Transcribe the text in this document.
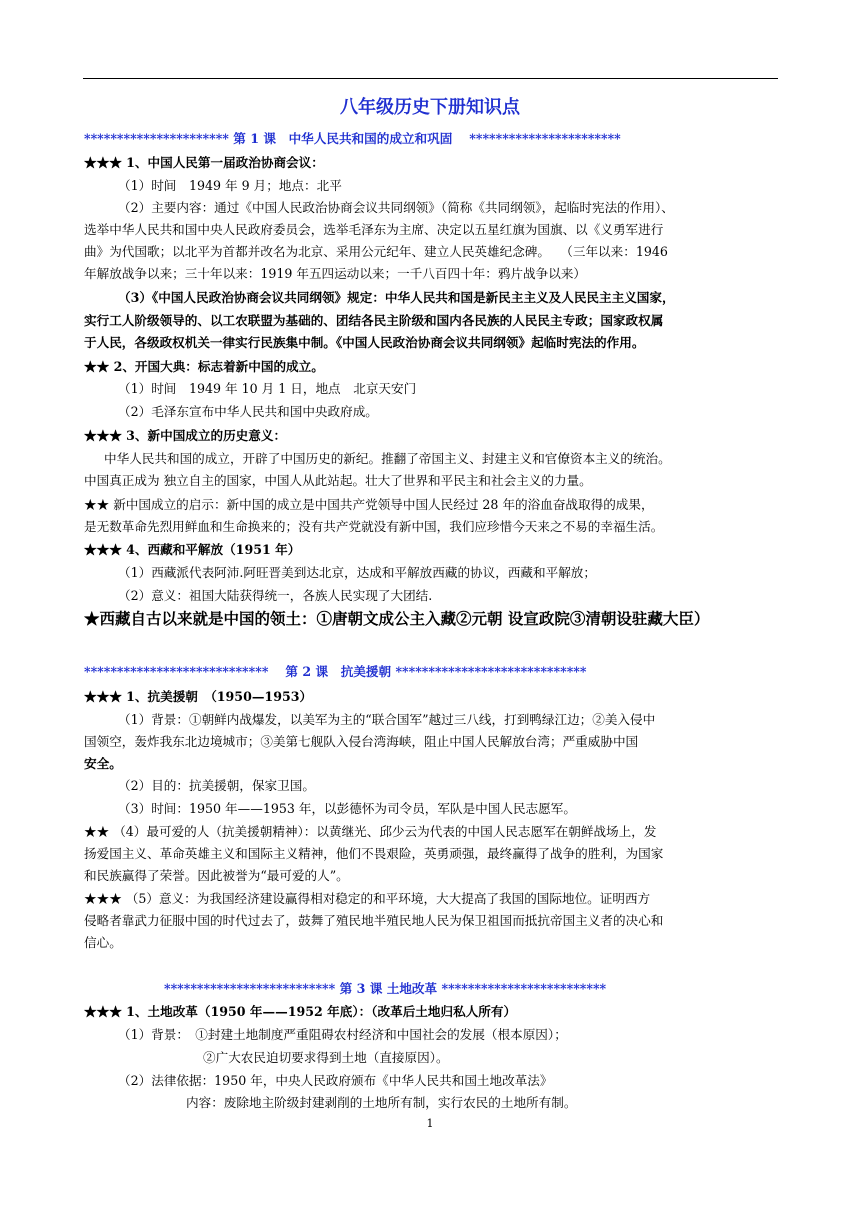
八年级历史下册知识点
********************** 第 1 课　中华人民共和国的成立和巩固　 ***********************
★★★ 1、中国人民第一届政治协商会议：
（1）时间　1949 年 9 月；地点：北平
（2）主要内容：通过《中国人民政治协商会议共同纲领》（简称《共同纲领》，起临时宪法的作用）、
选举中华人民共和国中央人民政府委员会，选举毛泽东为主席、决定以五星红旗为国旗、以《义勇军进行
曲》为代国歌；以北平为首都并改名为北京、采用公元纪年、建立人民英雄纪念碑。　 （三年以来：1946
年解放战争以来；三十年以来：1919 年五四运动以来；一千八百四十年：鸦片战争以来）
（3）《中国人民政治协商会议共同纲领》规定：中华人民共和国是新民主主义及人民民主主义国家，
实行工人阶级领导的、以工农联盟为基础的、团结各民主阶级和国内各民族的人民民主专政；国家政权属
于人民，各级政权机关一律实行民族集中制。《中国人民政治协商会议共同纲领》起临时宪法的作用。
★★ 2、开国大典：标志着新中国的成立。
（1）时间　1949 年 10 月 1 日，地点　北京天安门
（2）毛泽东宣布中华人民共和国中央政府成。
★★★ 3、新中国成立的历史意义：
中华人民共和国的成立，开辟了中国历史的新纪。推翻了帝国主义、封建主义和官僚资本主义的统治。
中国真正成为 独立自主的国家，中国人从此站起。壮大了世界和平民主和社会主义的力量。
★★ 新中国成立的启示：新中国的成立是中国共产党领导中国人民经过 28 年的浴血奋战取得的成果，
是无数革命先烈用鲜血和生命换来的；没有共产党就没有新中国，我们应珍惜今天来之不易的幸福生活。
★★★ 4、西藏和平解放（1951 年）
（1）西藏派代表阿沛.阿旺晋美到达北京，达成和平解放西藏的协议，西藏和平解放；
（2）意义：祖国大陆获得统一，各族人民实现了大团结.
★西藏自古以来就是中国的领土：①唐朝文成公主入藏②元朝 设宣政院③清朝设驻藏大臣）
****************************　 第 2 课　抗美援朝 *****************************
★★★ 1、抗美援朝　（1950—1953）
（1）背景：①朝鲜内战爆发，以美军为主的“联合国军”越过三八线，打到鸭绿江边；②美入侵中
国领空，轰炸我东北边境城市；③美第七舰队入侵台湾海峡，阻止中国人民解放台湾；严重威胁中国
安全。
（2）目的：抗美援朝，保家卫国。
（3）时间：1950 年——1953 年，以彭德怀为司令员，军队是中国人民志愿军。
★★ （4）最可爱的人（抗美援朝精神）：以黄继光、邱少云为代表的中国人民志愿军在朝鲜战场上，发
扬爱国主义、革命英雄主义和国际主义精神，他们不畏艰险，英勇顽强，最终赢得了战争的胜利，为国家
和民族赢得了荣誉。因此被誉为“最可爱的人”。
★★★ （5）意义：为我国经济建设赢得相对稳定的和平环境，大大提高了我国的国际地位。证明西方
侵略者靠武力征服中国的时代过去了，鼓舞了殖民地半殖民地人民为保卫祖国而抵抗帝国主义者的决心和
信心。
************************** 第 3 课 土地改革 *************************
★★★ 1、土地改革（1950 年——1952 年底）：（改革后土地归私人所有）
（1）背景：　①封建土地制度严重阻碍农村经济和中国社会的发展（根本原因）；
②广大农民迫切要求得到土地（直接原因）。
（2）法律依据：1950 年，中央人民政府颁布《中华人民共和国土地改革法》
内容：废除地主阶级封建剥削的土地所有制，实行农民的土地所有制。
1
